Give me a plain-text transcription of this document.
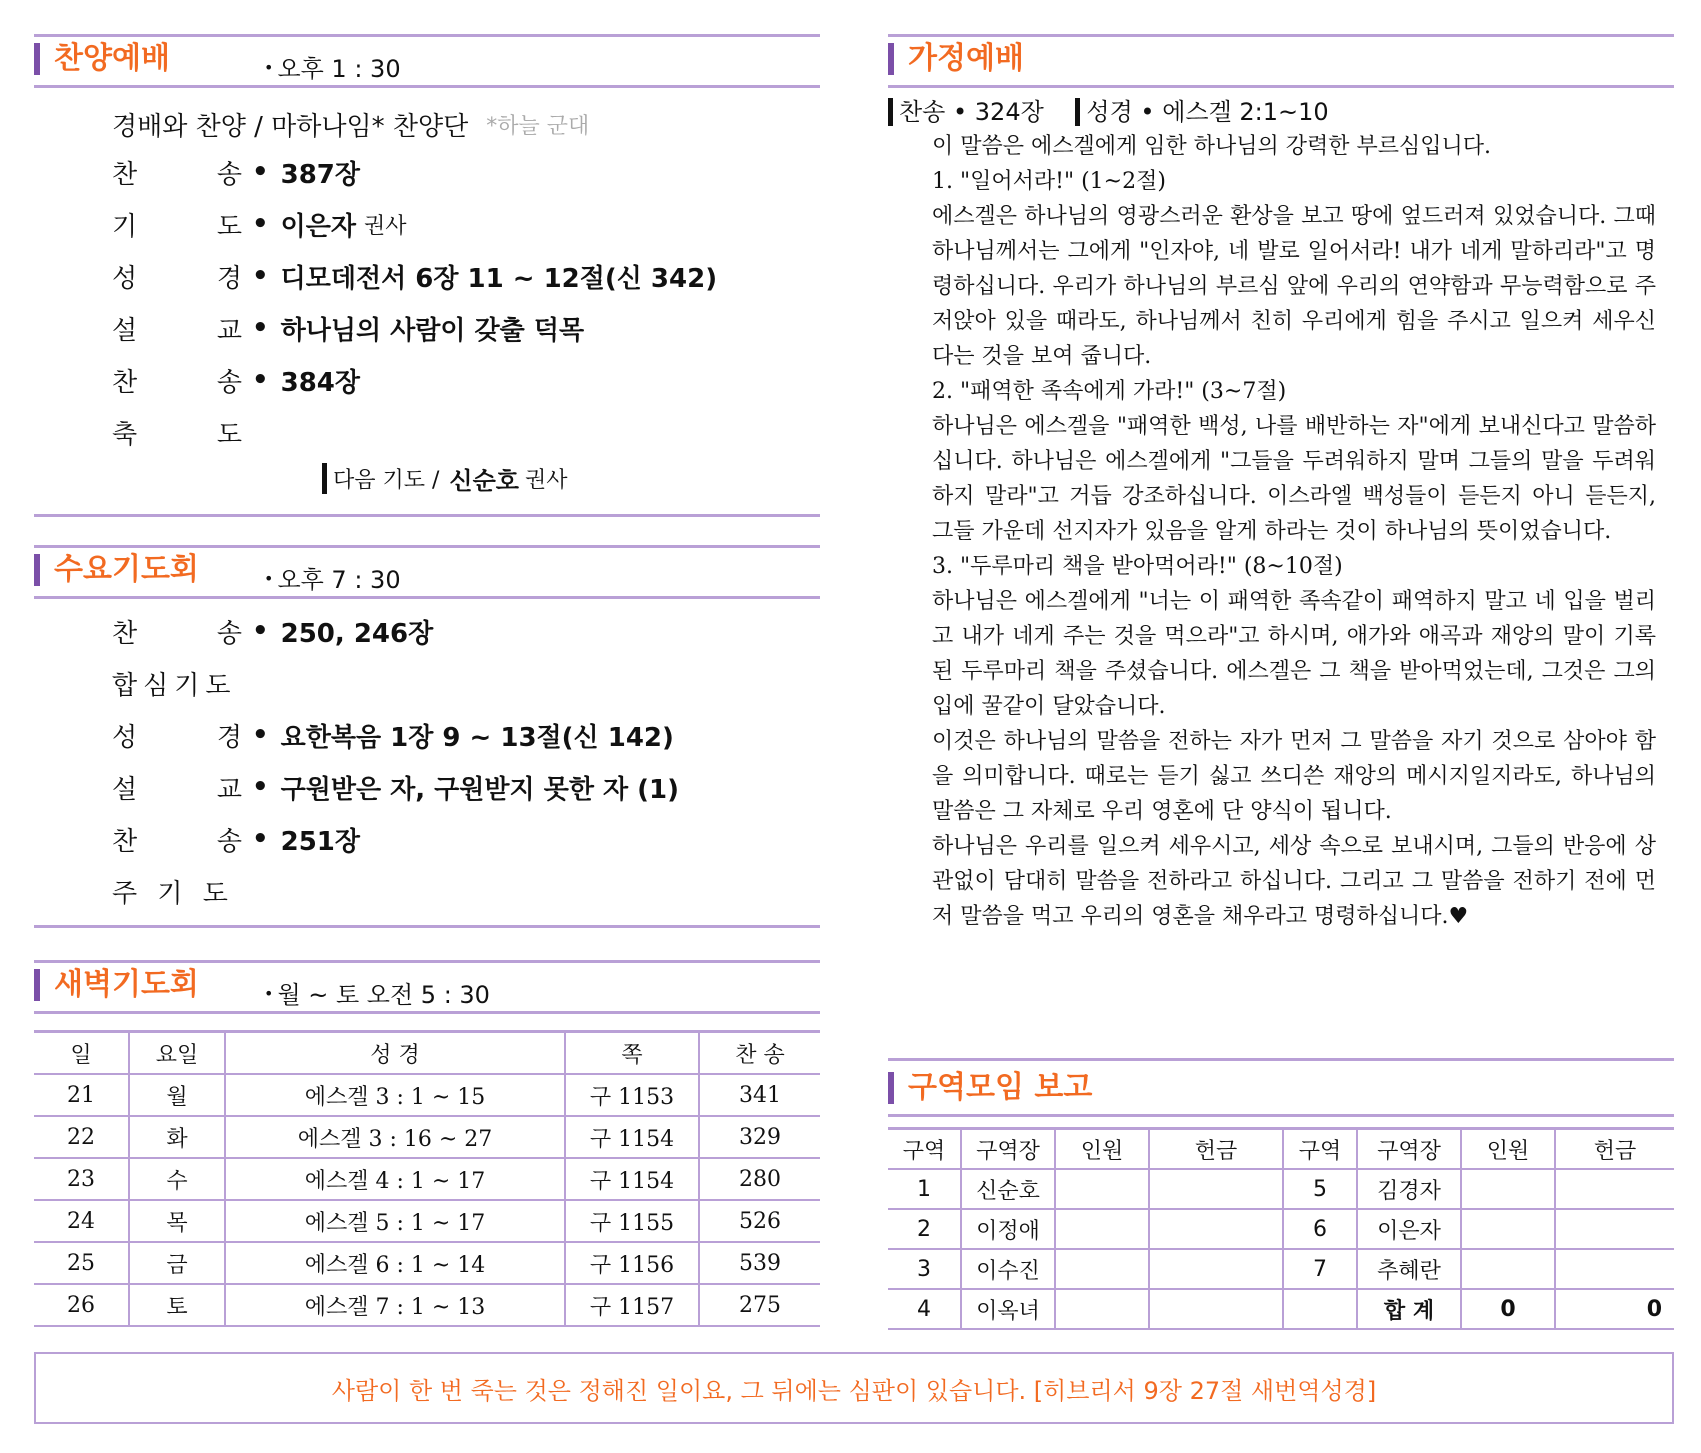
찬양예배	• 오후 1 : 30
경배와 찬양 / 마하나임* 찬양단 *하늘 군대
찬	송 • 387장
기	도 • 이은자 권사
성	경 • 디모데전서 6장 11 ~ 12절(신 342)
설	교 • 하나님의 사람이 갖출 덕목
찬	송 • 384장
축	도
다음 기도 / 신순호 권사
수요기도회	• 오후 7 : 30
찬	송 • 250, 246장
합심기도
성	경 • 요한복음 1장 9 ~ 13절(신 142)
설	교 • 구원받은 자, 구원받지 못한 자 (1)
찬	송 • 251장
주 기 도
새벽기도회	• 월 ~ 토 오전 5 : 30
일	요일	성 경	쪽	찬 송
21	월	에스겔 3 : 1 ~ 15	구 1153	341
22	화	에스겔 3 : 16 ~ 27	구 1154	329
23	수	에스겔 4 : 1 ~ 17	구 1154	280
24	목	에스겔 5 : 1 ~ 17	구 1155	526
25	금	에스겔 6 : 1 ~ 14	구 1156	539
26	토	에스겔 7 : 1 ~ 13	구 1157	275
가정예배
찬송 • 324장 성경 • 에스겔 2:1~10

이 말씀은 에스겔에게 임한 하나님의 강력한 부르심입니다.

1. "일어서라!" (1~2절)

에스겔은 하나님의 영광스러운 환상을 보고 땅에 엎드러져 있었습니다. 그때 하나님께서는 그에게 "인자야, 네 발로 일어서라! 내가 네게 말하리라"고 명령하십니다. 우리가 하나님의 부르심 앞에 우리의 연약함과 무능력함으로 주저앉아 있을 때라도, 하나님께서 친히 우리에게 힘을 주시고 일으켜 세우신다는 것을 보여 줍니다.

2. "패역한 족속에게 가라!" (3~7절)

하나님은 에스겔을 "패역한 백성, 나를 배반하는 자"에게 보내신다고 말씀하십니다. 하나님은 에스겔에게 "그들을 두려워하지 말며 그들의 말을 두려워하지 말라"고 거듭 강조하십니다. 이스라엘 백성들이 듣든지 아니 듣든지, 그들 가운데 선지자가 있음을 알게 하라는 것이 하나님의 뜻이었습니다.

3. "두루마리 책을 받아먹어라!" (8~10절)

하나님은 에스겔에게 "너는 이 패역한 족속같이 패역하지 말고 네 입을 벌리고 내가 네게 주는 것을 먹으라"고 하시며, 애가와 애곡과 재앙의 말이 기록된 두루마리 책을 주셨습니다. 에스겔은 그 책을 받아먹었는데, 그것은 그의 입에 꿀같이 달았습니다.

이것은 하나님의 말씀을 전하는 자가 먼저 그 말씀을 자기 것으로 삼아야 함을 의미합니다. 때로는 듣기 싫고 쓰디쓴 재앙의 메시지일지라도, 하나님의 말씀은 그 자체로 우리 영혼에 단 양식이 됩니다.

하나님은 우리를 일으켜 세우시고, 세상 속으로 보내시며, 그들의 반응에 상관없이 담대히 말씀을 전하라고 하십니다. 그리고 그 말씀을 전하기 전에 먼저 말씀을 먹고 우리의 영혼을 채우라고 명령하십니다.♥

구역모임 보고
구역	구역장	인원	헌금	구역	구역장	인원	헌금
1	신순호			5	김경자		
2	이정애			6	이은자		
3	이수진			7	추혜란		
4	이옥녀				합 계	0	0
사람이 한 번 죽는 것은 정해진 일이요, 그 뒤에는 심판이 있습니다. [히브리서 9장 27절 새번역성경]
